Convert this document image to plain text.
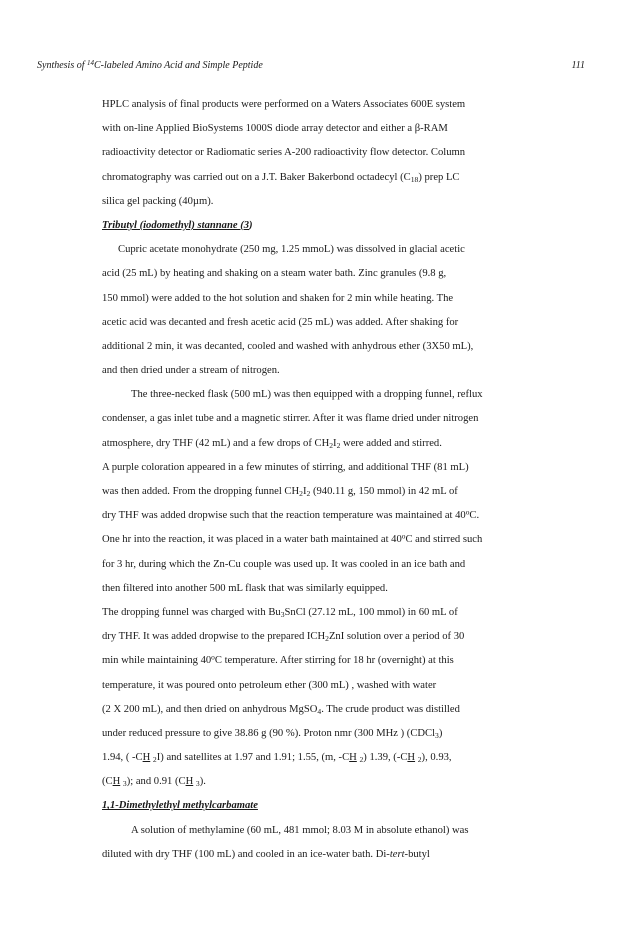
Synthesis of $^{14}$C-labeled Amino Acid and Simple Peptide	111
HPLC analysis of final products were performed on a Waters Associates 600E system
with on-line Applied BioSystems 1000S diode array detector and either a β-RAM
radioactivity detector or Radiomatic series A-200 radioactivity flow detector. Column
chromatography was carried out on a J.T. Baker Bakerbond octadecyl $(C_{18})$ prep LC
silica gel packing (40µm).
Tributyl (iodomethyl) stannane (3)
Cupric acetate monohydrate (250 mg, 1.25 mmoL) was dissolved in glacial acetic
acid (25 mL) by heating and shaking on a steam water bath. Zinc granules (9.8 g,
150 mmol) were added to the hot solution and shaken for 2 min while heating. The
acetic acid was decanted and fresh acetic acid (25 mL) was added. After shaking for
additional 2 min, it was decanted, cooled and washed with anhydrous ether (3X50 mL),
and then dried under a stream of nitrogen.
The three-necked flask (500 mL) was then equipped with a dropping funnel, reflux
condenser, a gas inlet tube and a magnetic stirrer. After it was flame dried under nitrogen
atmosphere, dry THF (42 mL) and a few drops of $CH_2I_2$ were added and stirred.
A purple coloration appeared in a few minutes of stirring, and additional THF (81 mL)
was then added. From the dropping funnel $CH_2I_2$ (940.11 g, 150 mmol) in 42 mL of
dry THF was added dropwise such that the reaction temperature was maintained at 40$^o$C.
One hr into the reaction, it was placed in a water bath maintained at 40$^o$C and stirred such
for 3 hr, during which the Zn-Cu couple was used up. It was cooled in an ice bath and
then filtered into another 500 mL flask that was similarly equipped.
The dropping funnel was charged with $Bu_3SnCl$ (27.12 mL, 100 mmol) in 60 mL of
dry THF. It was added dropwise to the prepared $ICH_2ZnI$ solution over a period of 30
min while maintaining 40$^o$C temperature. After stirring for 18 hr (overnight) at this
temperature, it was poured onto petroleum ether (300 mL) , washed with water
(2 X 200 mL), and then dried on anhydrous MgSO$_4$. The crude product was distilled
under reduced pressure to give 38.86 g (90 %). Proton nmr (300 MHz ) (CDCl$_3$)
1.94, ( -CH $_2$I) and satellites at 1.97 and 1.91; 1.55, (m, -CH $_2$) 1.39, (-CH $_2$), 0.93,
(CH $_3$); and 0.91 (CH $_3$).
1,1-Dimethylethyl methylcarbamate
A solution of methylamine (60 mL, 481 mmol; 8.03 M in absolute ethanol) was
diluted with dry THF (100 mL) and cooled in an ice-water bath. Di-tert-butyl
